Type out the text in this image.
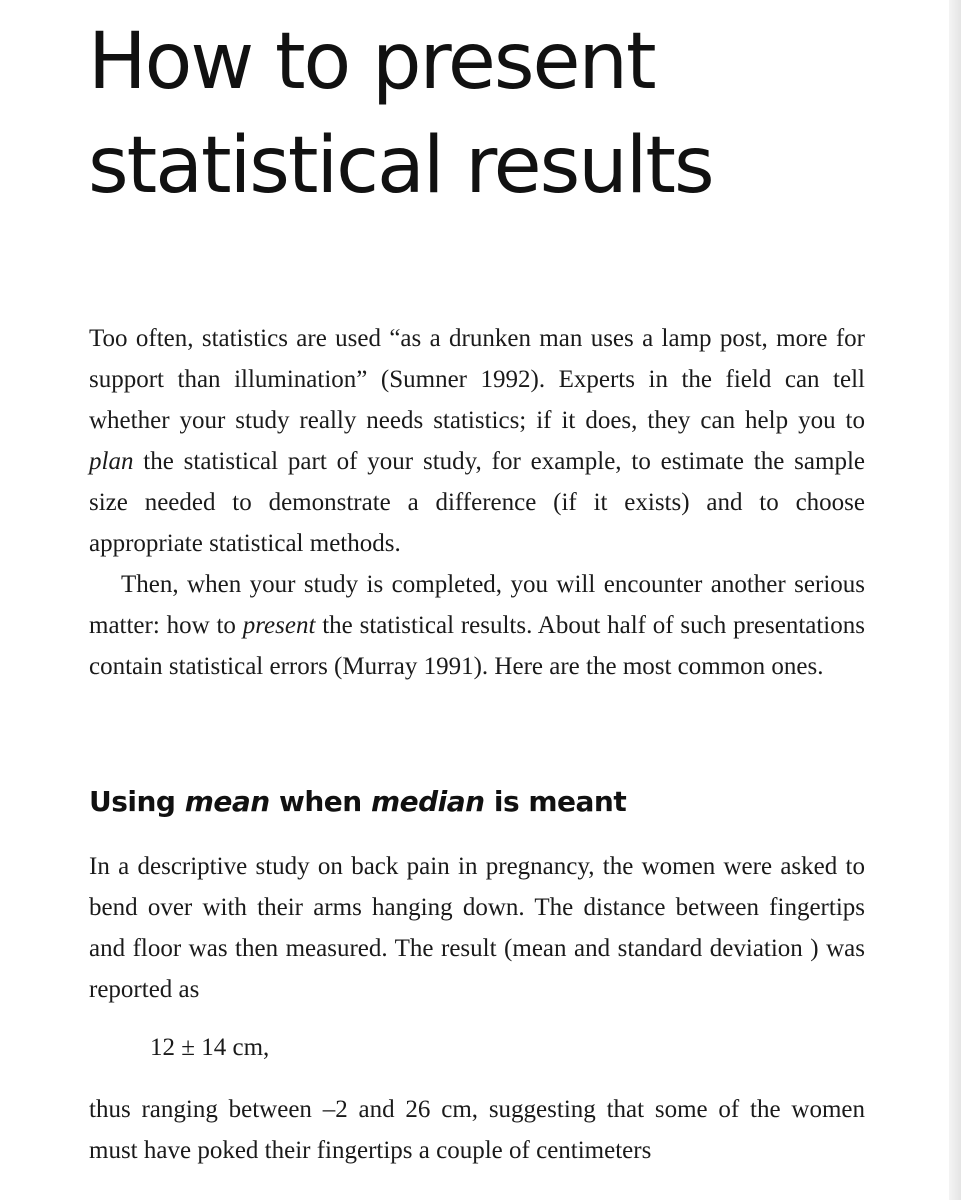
How to present
statistical results

Too often, statistics are used “as a drunken man uses a lamp post, more for support than illumination” (Sumner 1992). Experts in the field can tell whether your study really needs statistics; if it does, they can help you to plan the statistical part of your study, for example, to estimate the sample size needed to demonstrate a difference (if it exists) and to choose appropriate statistical methods.

Then, when your study is completed, you will encounter another serious matter: how to present the statistical results. About half of such presentations contain statistical errors (Murray 1991). Here are the most common ones.

Using mean when median is meant

In a descriptive study on back pain in pregnancy, the women were asked to bend over with their arms hanging down. The distance between fingertips and floor was then measured. The result (mean and standard deviation ) was reported as

12 ± 14 cm,

thus ranging between –2 and 26 cm, suggesting that some of the women must have poked their fingertips a couple of centimeters
